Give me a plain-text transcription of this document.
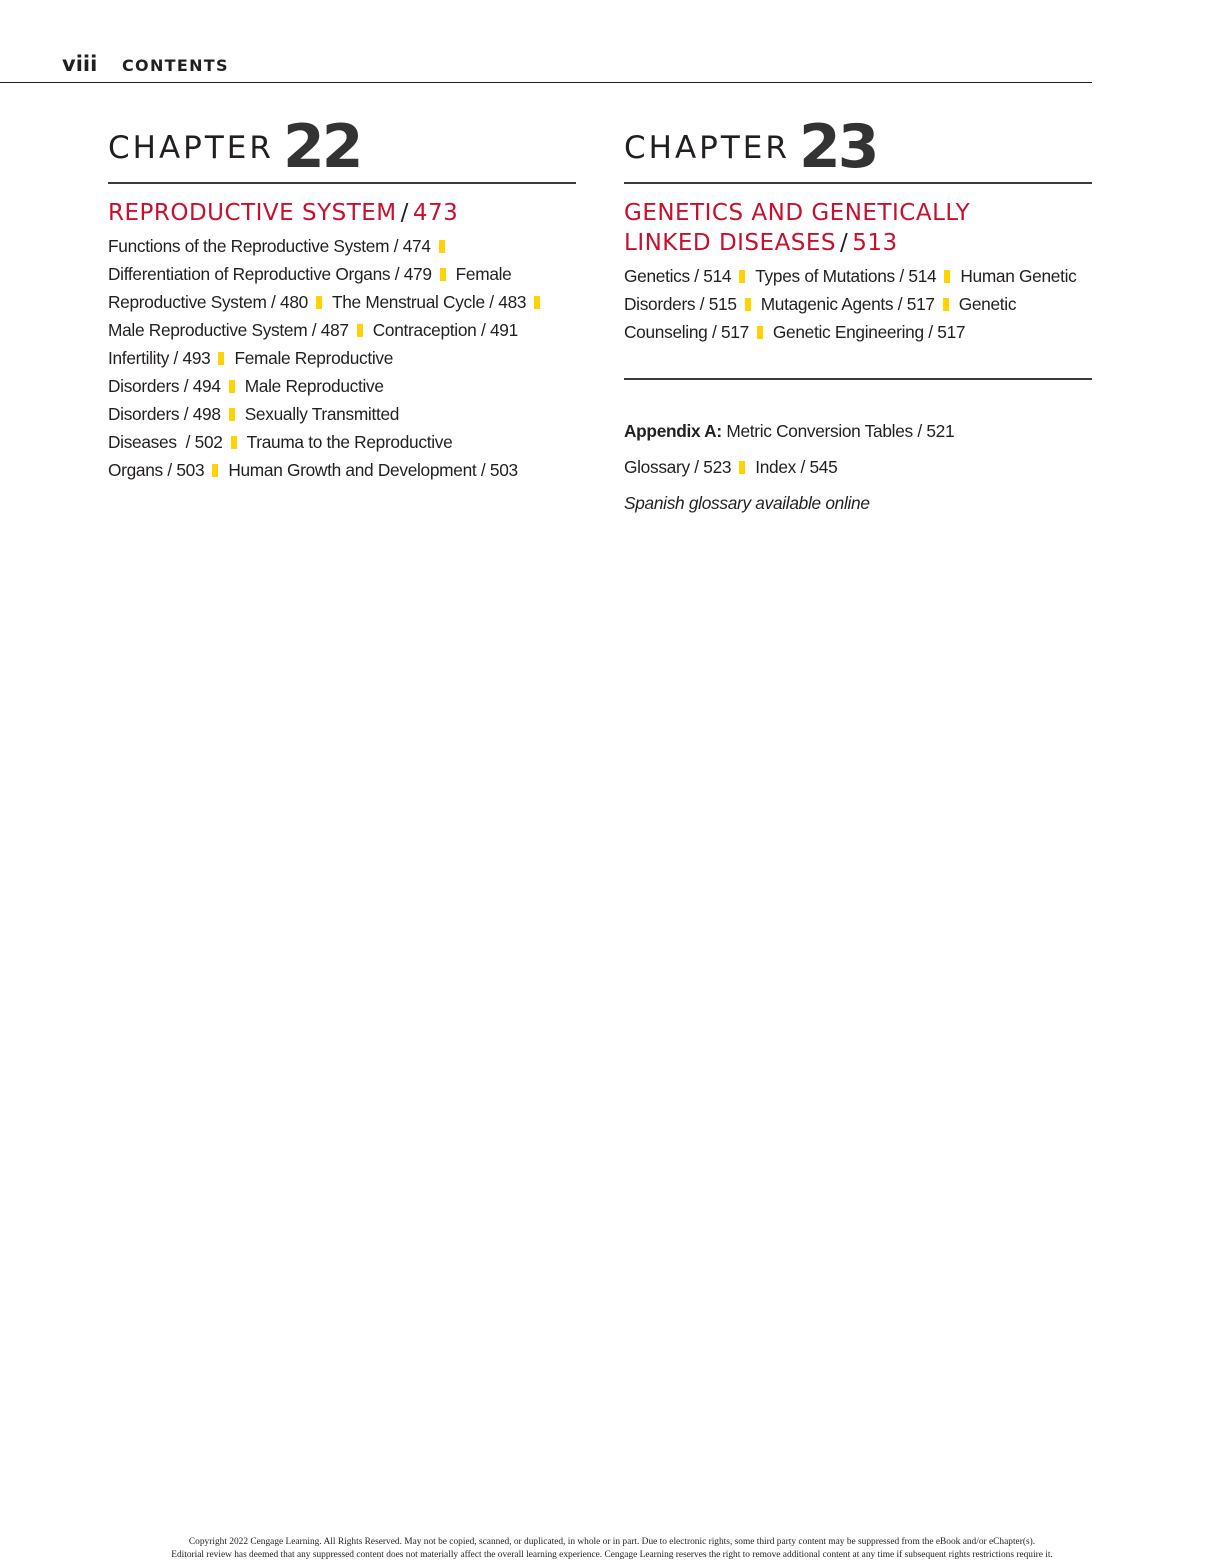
viii CONTENTS
CHAPTER 22
REPRODUCTIVE SYSTEM / 473
Functions of the Reproductive System / 474
Differentiation of Reproductive Organs / 479 Female
Reproductive System / 480 The Menstrual Cycle / 483
Male Reproductive System / 487 Contraception / 491
Infertility / 493 Female Reproductive
Disorders / 494 Male Reproductive
Disorders / 498 Sexually Transmitted
Diseases  / 502 Trauma to the Reproductive
Organs / 503 Human Growth and Development / 503
CHAPTER 23
GENETICS AND GENETICALLY
LINKED DISEASES / 513
Genetics / 514 Types of Mutations / 514 Human Genetic
Disorders / 515 Mutagenic Agents / 517 Genetic
Counseling / 517 Genetic Engineering / 517
Appendix A: Metric Conversion Tables / 521
Glossary / 523 Index / 545
Spanish glossary available online
Copyright 2022 Cengage Learning. All Rights Reserved. May not be copied, scanned, or duplicated, in whole or in part. Due to electronic rights, some third party content may be suppressed from the eBook and/or eChapter(s).
Editorial review has deemed that any suppressed content does not materially affect the overall learning experience. Cengage Learning reserves the right to remove additional content at any time if subsequent rights restrictions require it.
